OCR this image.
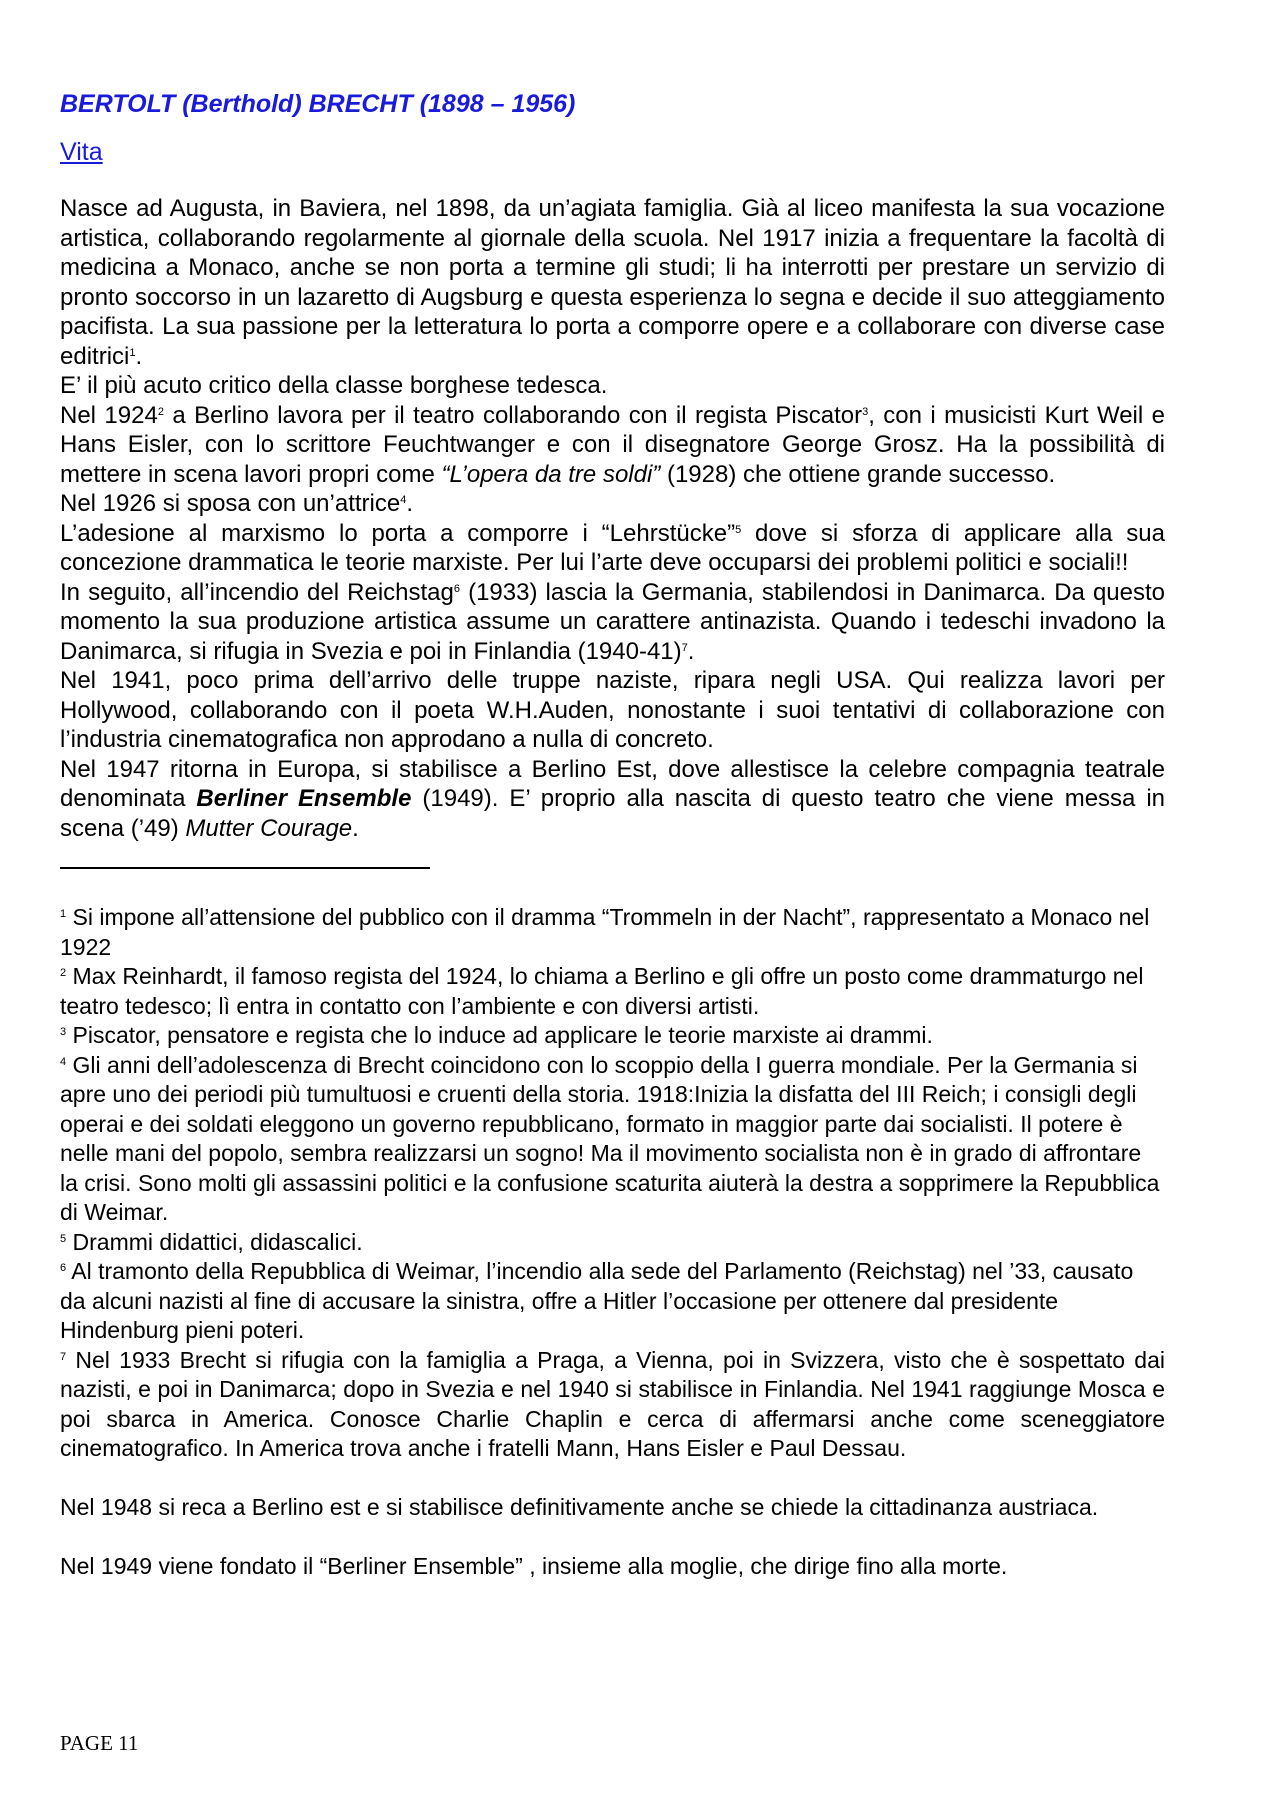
BERTOLT (Berthold) BRECHT (1898 – 1956)
Vita

Nasce ad Augusta, in Baviera, nel 1898, da un’agiata famiglia. Già al liceo manifesta la sua vocazione artistica, collaborando regolarmente al giornale della scuola. Nel 1917 inizia a frequentare la facoltà di medicina a Monaco, anche se non porta a termine gli studi; li ha interrotti per prestare un servizio di pronto soccorso in un lazaretto di Augsburg e questa esperienza lo segna e decide il suo atteggiamento pacifista. La sua passione per la letteratura lo porta a comporre opere e a collaborare con diverse case editrici$^1$.

E’ il più acuto critico della classe borghese tedesca.

Nel 1924$^2$ a Berlino lavora per il teatro collaborando con il regista Piscator$^3$, con i musicisti Kurt Weil e Hans Eisler, con lo scrittore Feuchtwanger e con il disegnatore George Grosz. Ha la possibilità di mettere in scena lavori propri come “L’opera da tre soldi” (1928) che ottiene grande successo.

Nel 1926 si sposa con un’attrice$^4$.

L’adesione al marxismo lo porta a comporre i “Lehrstücke”$^5$ dove si sforza di applicare alla sua concezione drammatica le teorie marxiste. Per lui l’arte deve occuparsi dei problemi politici e sociali!!

In seguito, all’incendio del Reichstag$^6$ (1933) lascia la Germania, stabilendosi in Danimarca. Da questo momento la sua produzione artistica assume un carattere antinazista. Quando i tedeschi invadono la Danimarca, si rifugia in Svezia e poi in Finlandia (1940-41)$^7$.

Nel 1941, poco prima dell’arrivo delle truppe naziste, ripara negli USA. Qui realizza lavori per Hollywood, collaborando con il poeta W.H.Auden, nonostante i suoi tentativi di collaborazione con l’industria cinematografica non approdano a nulla di concreto.

Nel 1947 ritorna in Europa, si stabilisce a Berlino Est, dove allestisce la celebre compagnia teatrale denominata Berliner Ensemble (1949). E’ proprio alla nascita di questo teatro che viene messa in scena (’49) Mutter Courage.

$^1$ Si impone all’attensione del pubblico con il dramma “Trommeln in der Nacht”, rappresentato a Monaco nel 1922

$^2$ Max Reinhardt, il famoso regista del 1924, lo chiama a Berlino e gli offre un posto come drammaturgo nel teatro tedesco; lì entra in contatto con l’ambiente e con diversi artisti.

$^3$ Piscator, pensatore e regista che lo induce ad applicare le teorie marxiste ai drammi.

$^4$ Gli anni dell’adolescenza di Brecht coincidono con lo scoppio della I guerra mondiale. Per la Germania si apre uno dei periodi più tumultuosi e cruenti della storia. 1918:Inizia la disfatta del III Reich; i consigli degli operai e dei soldati eleggono un governo repubblicano, formato in maggior parte dai socialisti. Il potere è nelle mani del popolo, sembra realizzarsi un sogno! Ma il movimento socialista non è in grado di affrontare la crisi. Sono molti gli assassini politici e la confusione scaturita aiuterà la destra a sopprimere la Repubblica di Weimar.

$^5$ Drammi didattici, didascalici.

$^6$ Al tramonto della Repubblica di Weimar, l’incendio alla sede del Parlamento (Reichstag) nel ’33, causato da alcuni nazisti al fine di accusare la sinistra, offre a Hitler l’occasione per ottenere dal presidente Hindenburg pieni poteri.

$^7$ Nel 1933 Brecht si rifugia con la famiglia a Praga, a Vienna, poi in Svizzera, visto che è sospettato dai nazisti, e poi in Danimarca; dopo in Svezia e nel 1940 si stabilisce in Finlandia. Nel 1941 raggiunge Mosca e poi sbarca in America. Conosce Charlie Chaplin e cerca di affermarsi anche come sceneggiatore cinematografico. In America trova anche i fratelli Mann, Hans Eisler e Paul Dessau.

Nel 1948 si reca a Berlino est e si stabilisce definitivamente anche se chiede la cittadinanza austriaca.

Nel 1949 viene fondato il “Berliner Ensemble” , insieme alla moglie, che dirige fino alla morte.

PAGE 11
